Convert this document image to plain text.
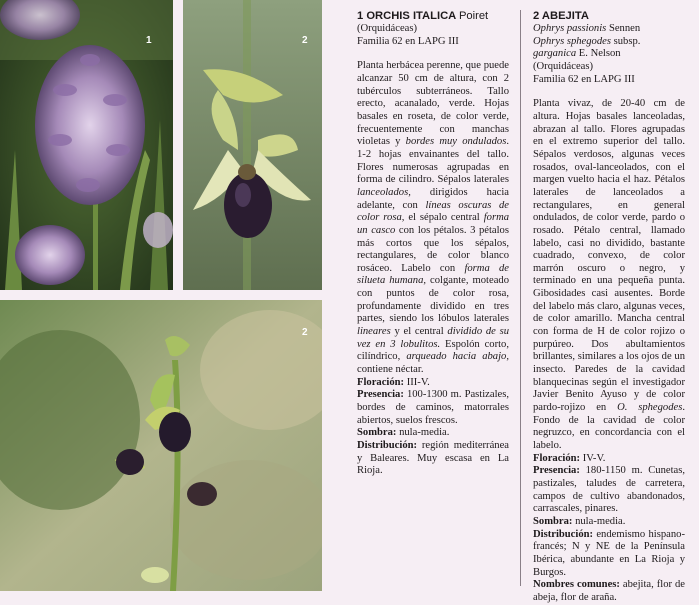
1	2
2

1 ORCHIS ITALICA Poiret

(Orquidáceas)

Familia 62 en LAPG III

Planta herbácea perenne, que puede alcanzar 50 cm de altura, con 2 tubérculos subterráneos. Tallo erecto, acanalado, verde. Hojas basales en roseta, de color verde, frecuentemente con manchas violetas y bordes muy ondulados. 1-2 hojas envainantes del tallo. Flores numerosas agrupadas en forma de cilindro. Sépalos laterales lanceolados, dirigidos hacia adelante, con líneas oscuras de color rosa, el sépalo central forma un casco con los pétalos. 3 pétalos más cortos que los sépalos, rectangulares, de color blanco rosáceo. Labelo con forma de silueta humana, colgante, moteado con puntos de color rosa, profundamente dividido en tres partes, siendo los lóbulos laterales lineares y el central dividido de su vez en 3 lobulitos. Espolón corto, cilíndrico, arqueado hacia abajo, contiene néctar.

Floración: III-V.

Presencia: 100-1300 m. Pastizales, bordes de caminos, matorrales abiertos, suelos frescos.

Sombra: nula-media.

Distribución: región mediterránea y Baleares. Muy escasa en La Rioja.

2 ABEJITA

Ophrys passionis Sennen

Ophrys sphegodes subsp. garganica E. Nelson

(Orquidáceas)

Familia 62 en LAPG III

Planta vivaz, de 20-40 cm de altura. Hojas basales lanceoladas, abrazan al tallo. Flores agrupadas en el extremo superior del tallo. Sépalos verdosos, algunas veces rosados, oval-lanceolados, con el margen vuelto hacia el haz. Pétalos laterales de lanceolados a rectangulares, en general ondulados, de color verde, pardo o rosado. Pétalo central, llamado labelo, casi no dividido, bastante cuadrado, convexo, de color marrón oscuro o negro, y terminado en una pequeña punta. Gibosidades casi ausentes. Borde del labelo más claro, algunas veces, de color amarillo. Mancha central con forma de H de color rojizo o purpúreo. Dos abultamientos brillantes, similares a los ojos de un insecto. Paredes de la cavidad blanquecinas según el investigador Javier Benito Ayuso y de color pardo-rojizo en O. sphegodes. Fondo de la cavidad de color negruzco, en concordancia con el labelo.

Floración: IV-V.

Presencia: 180-1150 m. Cunetas, pastizales, taludes de carretera, campos de cultivo abandonados, carrascales, pinares.

Sombra: nula-media.

Distribución: endemismo hispano-francés; N y NE de la Península Ibérica, abundante en La Rioja y Burgos.

Nombres comunes: abejita, flor de abeja, flor de araña.
